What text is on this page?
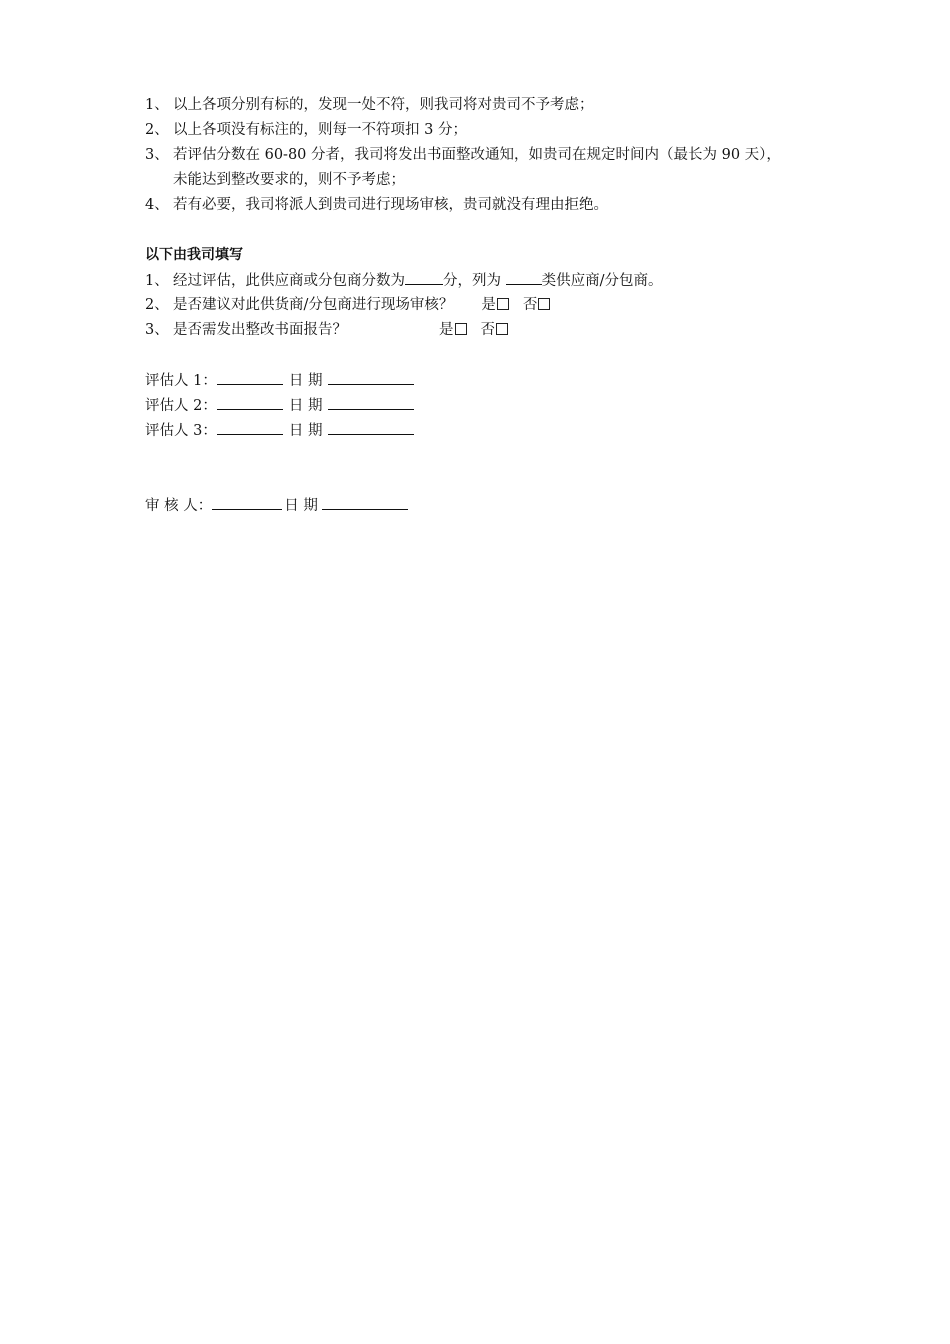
1、 以上各项分别有标的，发现一处不符，则我司将对贵司不予考虑；
2、 以上各项没有标注的，则每一不符项扣 3 分；
3、 若评估分数在 60-80 分者，我司将发出书面整改通知，如贵司在规定时间内（最长为 90 天），
未能达到整改要求的，则不予考虑；
4、 若有必要，我司将派人到贵司进行现场审核，贵司就没有理由拒绝。
以下由我司填写
1、 经过评估，此供应商或分包商分数为	分，列为 类供应商/分包商。
2、 是否建议对此供货商/分包商进行现场审核？ 是 否
3、 是否需发出整改书面报告？	是 否
评估人 1：	日 期
评估人 2：	日 期
评估人 3：	日 期
审 核 人：	日 期
